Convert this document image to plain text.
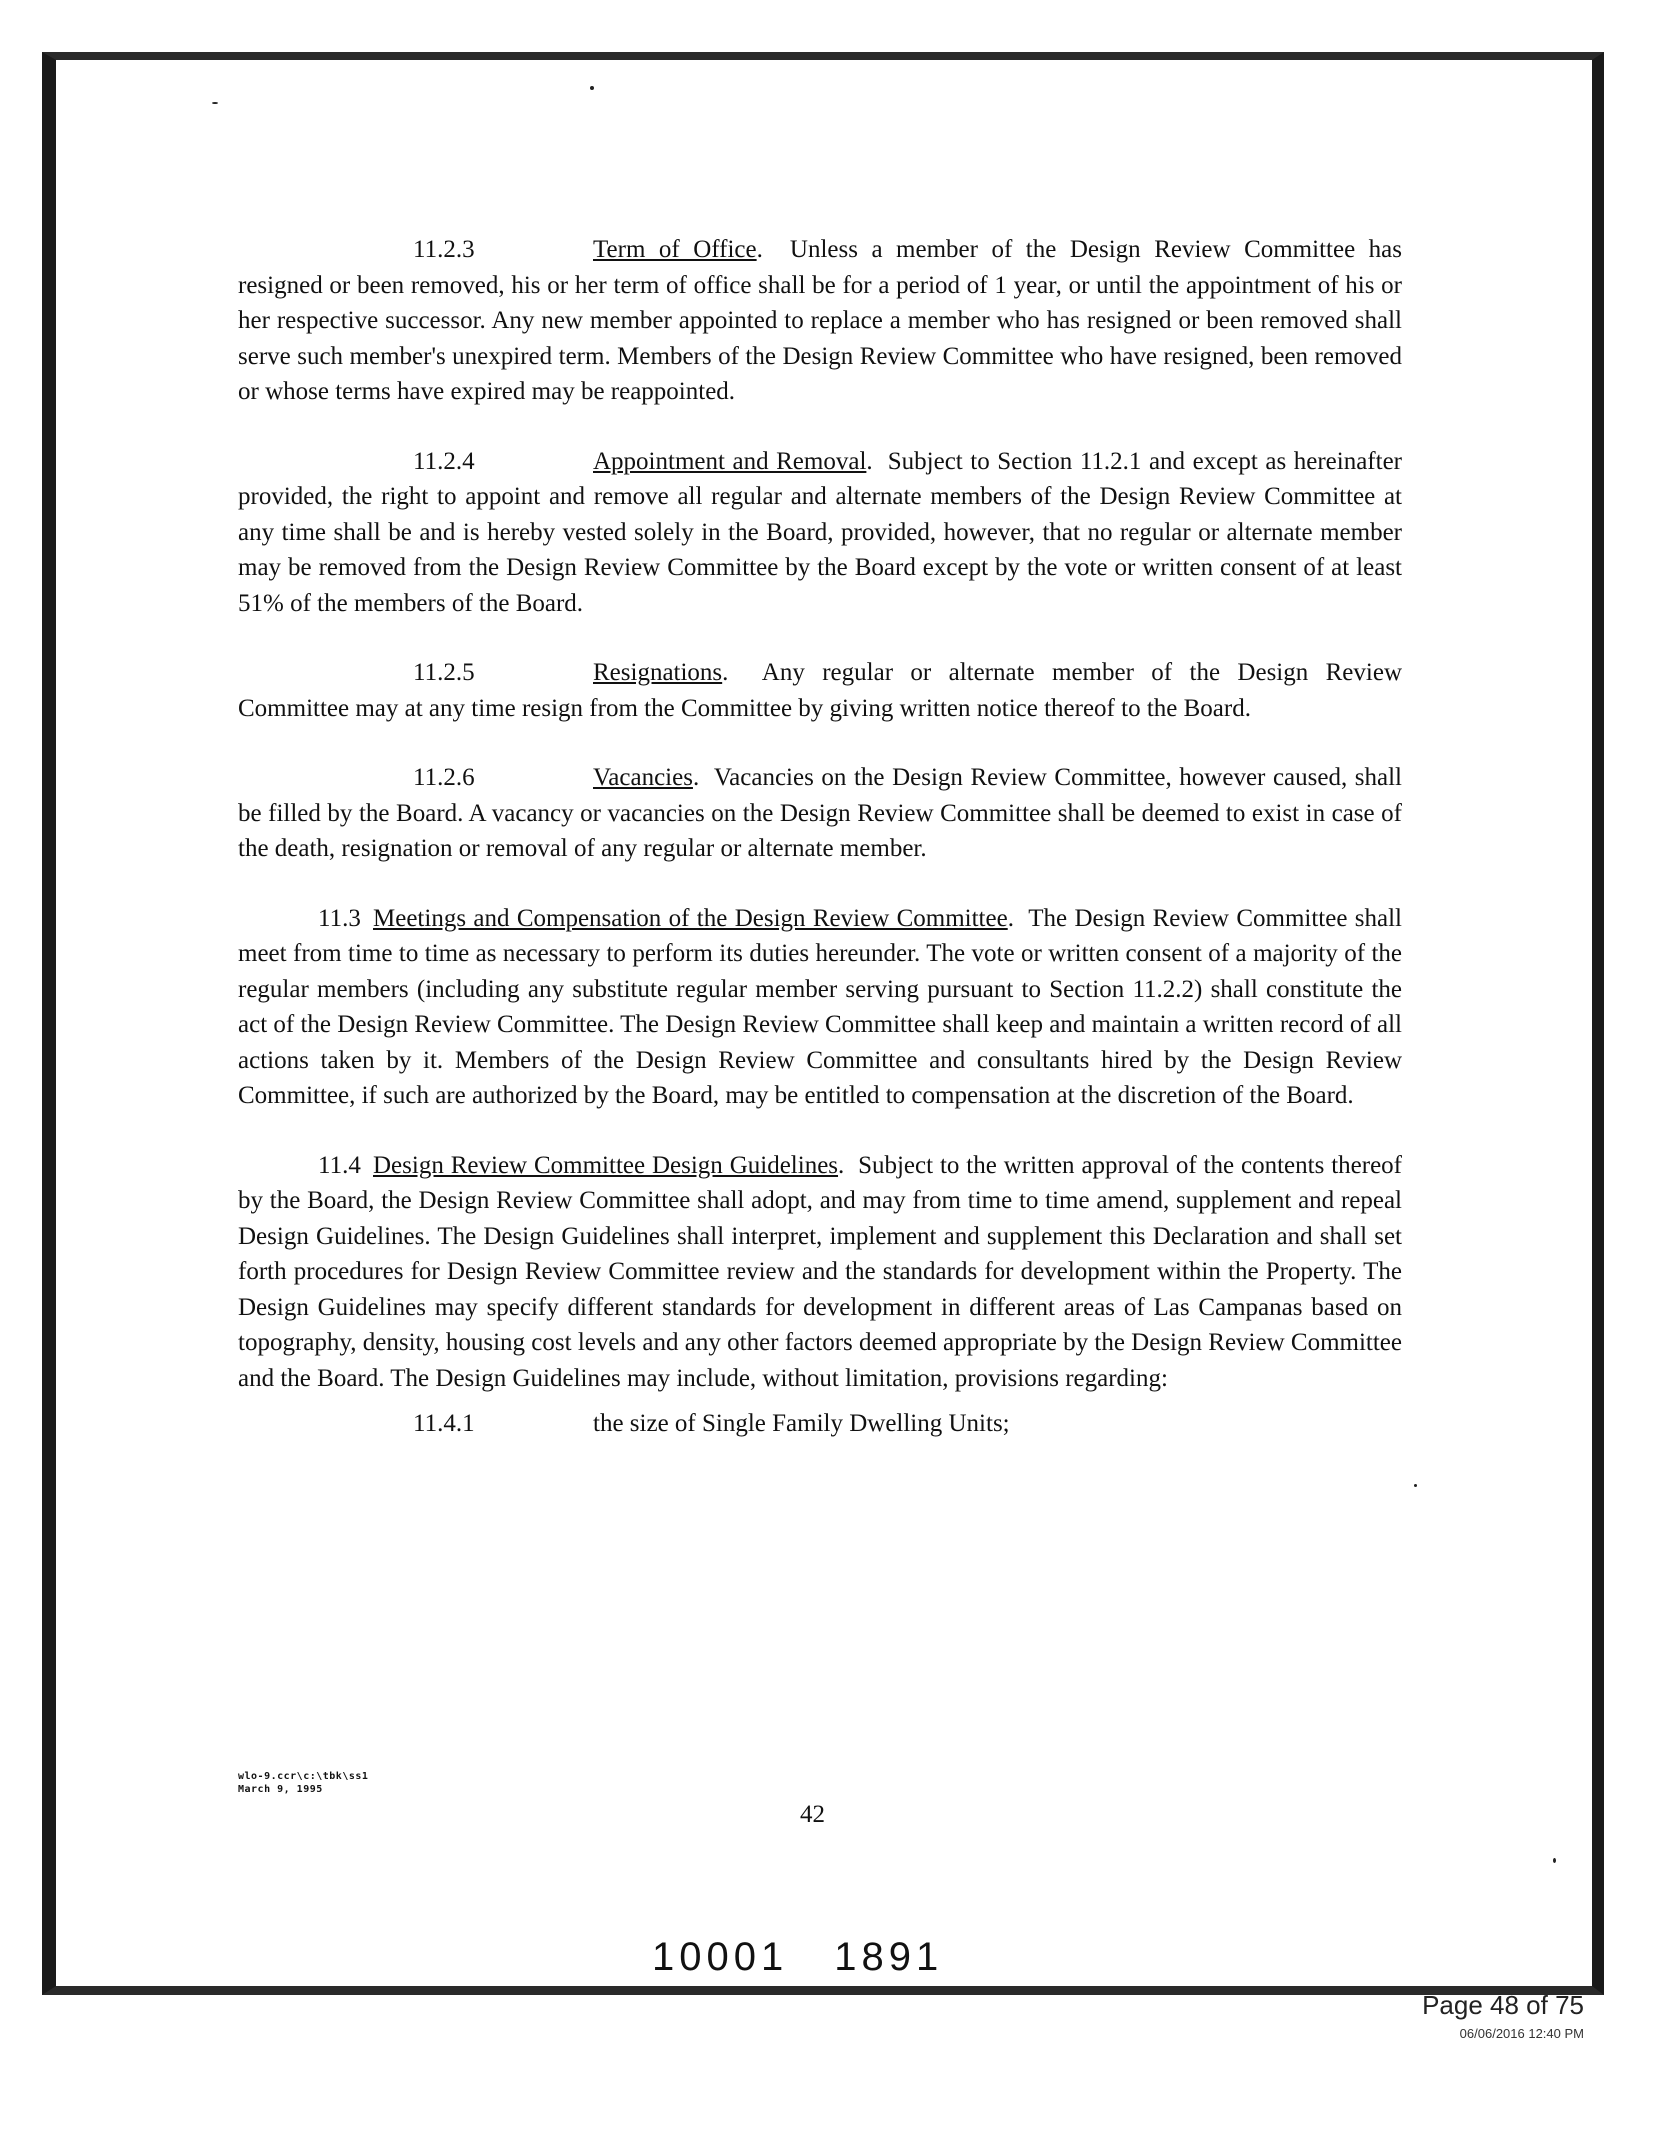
11.2.3	Term of Office.  Unless a member of the Design Review Committee has resigned or been removed, his or her term of office shall be for a period of 1 year, or until the appointment of his or her respective successor. Any new member appointed to replace a member who has resigned or been removed shall serve such member's unexpired term. Members of the Design Review Committee who have resigned, been removed or whose terms have expired may be reappointed.

11.2.4	Appointment and Removal.  Subject to Section 11.2.1 and except as hereinafter provided, the right to appoint and remove all regular and alternate members of the Design Review Committee at any time shall be and is hereby vested solely in the Board, provided, however, that no regular or alternate member may be removed from the Design Review Committee by the Board except by the vote or written consent of at least 51% of the members of the Board.

11.2.5	Resignations.  Any regular or alternate member of the Design Review Committee may at any time resign from the Committee by giving written notice thereof to the Board.

11.2.6	Vacancies.  Vacancies on the Design Review Committee, however caused, shall be filled by the Board. A vacancy or vacancies on the Design Review Committee shall be deemed to exist in case of the death, resignation or removal of any regular or alternate member.

11.3 Meetings and Compensation of the Design Review Committee.  The Design Review Committee shall meet from time to time as necessary to perform its duties hereunder. The vote or written consent of a majority of the regular members (including any substitute regular member serving pursuant to Section 11.2.2) shall constitute the act of the Design Review Committee. The Design Review Committee shall keep and maintain a written record of all actions taken by it. Members of the Design Review Committee and consultants hired by the Design Review Committee, if such are authorized by the Board, may be entitled to compensation at the discretion of the Board.

11.4 Design Review Committee Design Guidelines.  Subject to the written approval of the contents thereof by the Board, the Design Review Committee shall adopt, and may from time to time amend, supplement and repeal Design Guidelines. The Design Guidelines shall interpret, implement and supplement this Declaration and shall set forth procedures for Design Review Committee review and the standards for development within the Property. The Design Guidelines may specify different standards for development in different areas of Las Campanas based on topography, density, housing cost levels and any other factors deemed appropriate by the Design Review Committee and the Board. The Design Guidelines may include, without limitation, provisions regarding:

11.4.1	the size of Single Family Dwelling Units;
wlo-9.ccr\c:\tbk\ss1
March 9, 1995
42
10001 1891
Page 48 of 75
06/06/2016 12:40 PM
